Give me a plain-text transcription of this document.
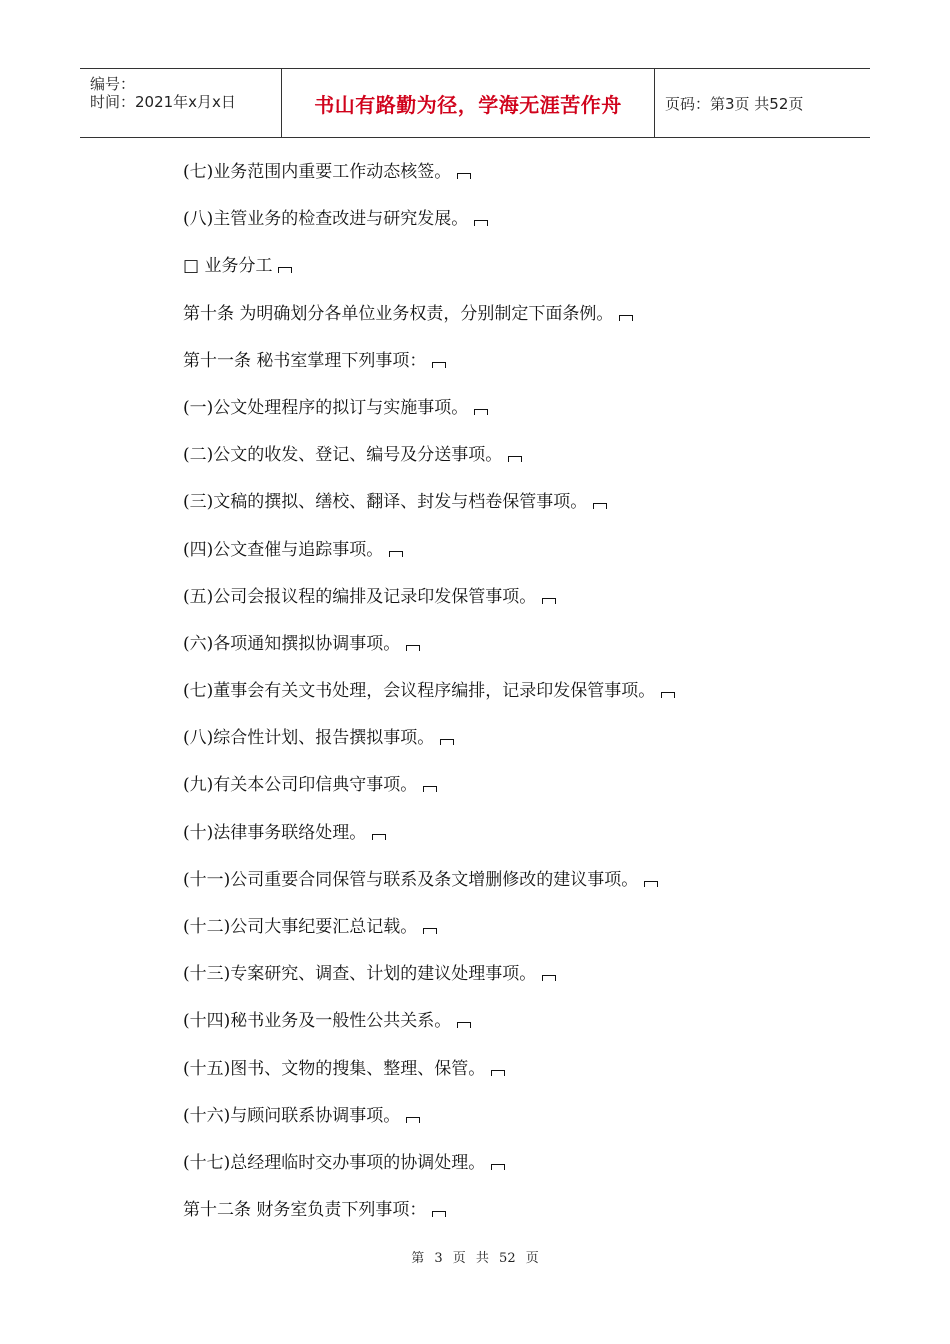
编号：
时间：2021年x月x日	书山有路勤为径，学海无涯苦作舟	页码：第3页 共52页
(七)业务范围内重要工作动态核签。
(八)主管业务的检查改进与研究发展。
□ 业务分工
第十条 为明确划分各单位业务权责，分别制定下面条例。
第十一条 秘书室掌理下列事项：
(一)公文处理程序的拟订与实施事项。
(二)公文的收发、登记、编号及分送事项。
(三)文稿的撰拟、缮校、翻译、封发与档卷保管事项。
(四)公文查催与追踪事项。
(五)公司会报议程的编排及记录印发保管事项。
(六)各项通知撰拟协调事项。
(七)董事会有关文书处理，会议程序编排，记录印发保管事项。
(八)综合性计划、报告撰拟事项。
(九)有关本公司印信典守事项。
(十)法律事务联络处理。
(十一)公司重要合同保管与联系及条文增删修改的建议事项。
(十二)公司大事纪要汇总记载。
(十三)专案研究、调查、计划的建议处理事项。
(十四)秘书业务及一般性公共关系。
(十五)图书、文物的搜集、整理、保管。
(十六)与顾问联系协调事项。
(十七)总经理临时交办事项的协调处理。
第十二条 财务室负责下列事项：
第 3 页 共 52 页
